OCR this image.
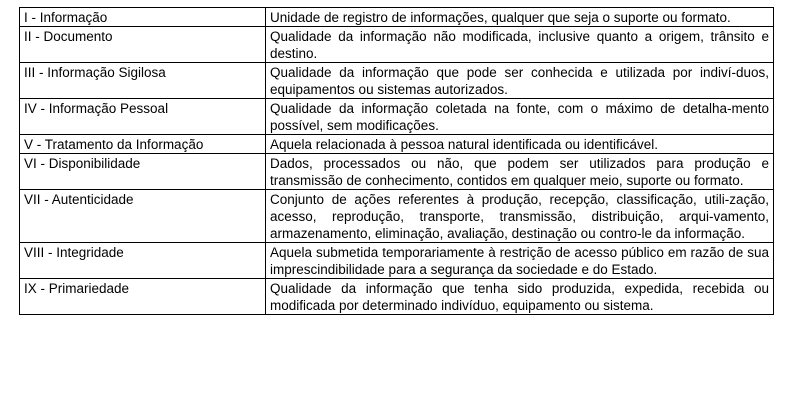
I - Informação	Unidade de registro de informações, qualquer que seja o suporte ou formato.
II - Documento	Qualidade da informação não modificada, inclusive quanto a origem, trânsito e destino.
III - Informação Sigilosa	Qualidade da informação que pode ser conhecida e utilizada por indiví-duos, equipamentos ou sistemas autorizados.
IV - Informação Pessoal	Qualidade da informação coletada na fonte, com o máximo de detalha-mento possível, sem modificações.
V - Tratamento da Informação	Aquela relacionada à pessoa natural identificada ou identificável.
VI - Disponibilidade	Dados, processados ou não, que podem ser utilizados para produção e transmissão de conhecimento, contidos em qualquer meio, suporte ou formato.
VII - Autenticidade	Conjunto de ações referentes à produção, recepção, classificação, utili-zação, acesso, reprodução, transporte, transmissão, distribuição, arqui-vamento, armazenamento, eliminação, avaliação, destinação ou contro-le da informação.
VIII - Integridade	Aquela submetida temporariamente à restrição de acesso público em razão de sua imprescindibilidade para a segurança da sociedade e do Estado.
IX - Primariedade	Qualidade da informação que tenha sido produzida, expedida, recebida ou modificada por determinado indivíduo, equipamento ou sistema.
